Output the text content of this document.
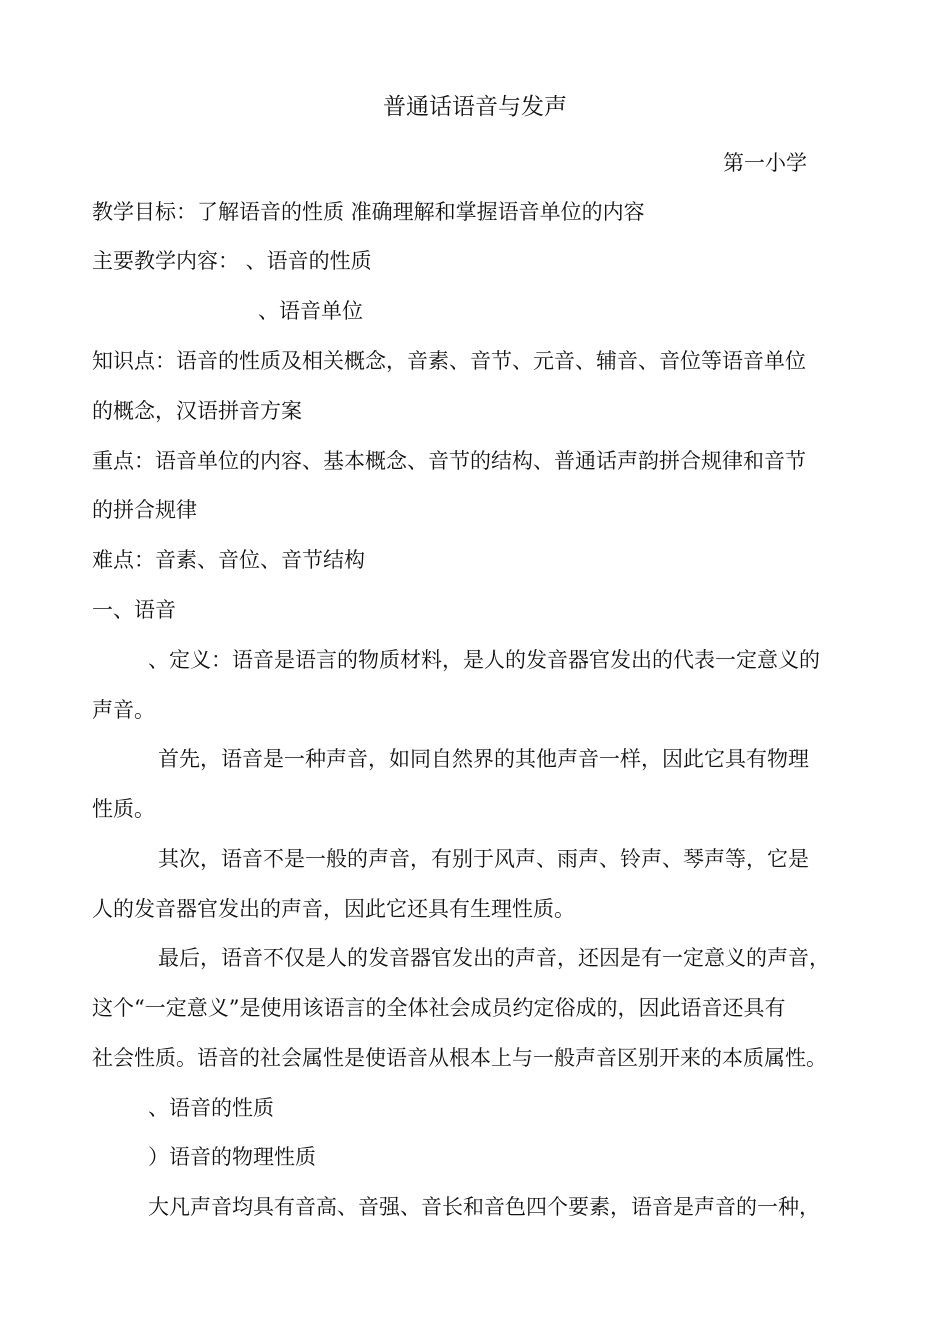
普通话语音与发声
第一小学
教学目标：了解语音的性质 准确理解和掌握语音单位的内容
主要教学内容： 、语音的性质
、语音单位
知识点：语音的性质及相关概念，音素、音节、元音、辅音、音位等语音单位
的概念，汉语拼音方案
重点：语音单位的内容、基本概念、音节的结构、普通话声韵拼合规律和音节
的拼合规律
难点：音素、音位、音节结构
一、语音
、定义：语音是语言的物质材料，是人的发音器官发出的代表一定意义的
声音。
首先，语音是一种声音，如同自然界的其他声音一样，因此它具有物理
性质。
其次，语音不是一般的声音，有别于风声、雨声、铃声、琴声等，它是
人的发音器官发出的声音，因此它还具有生理性质。
最后，语音不仅是人的发音器官发出的声音，还因是有一定意义的声音，
这个“一定意义”是使用该语言的全体社会成员约定俗成的，因此语音还具有
社会性质。语音的社会属性是使语音从根本上与一般声音区别开来的本质属性。
、语音的性质
）语音的物理性质
大凡声音均具有音高、音强、音长和音色四个要素，语音是声音的一种，
